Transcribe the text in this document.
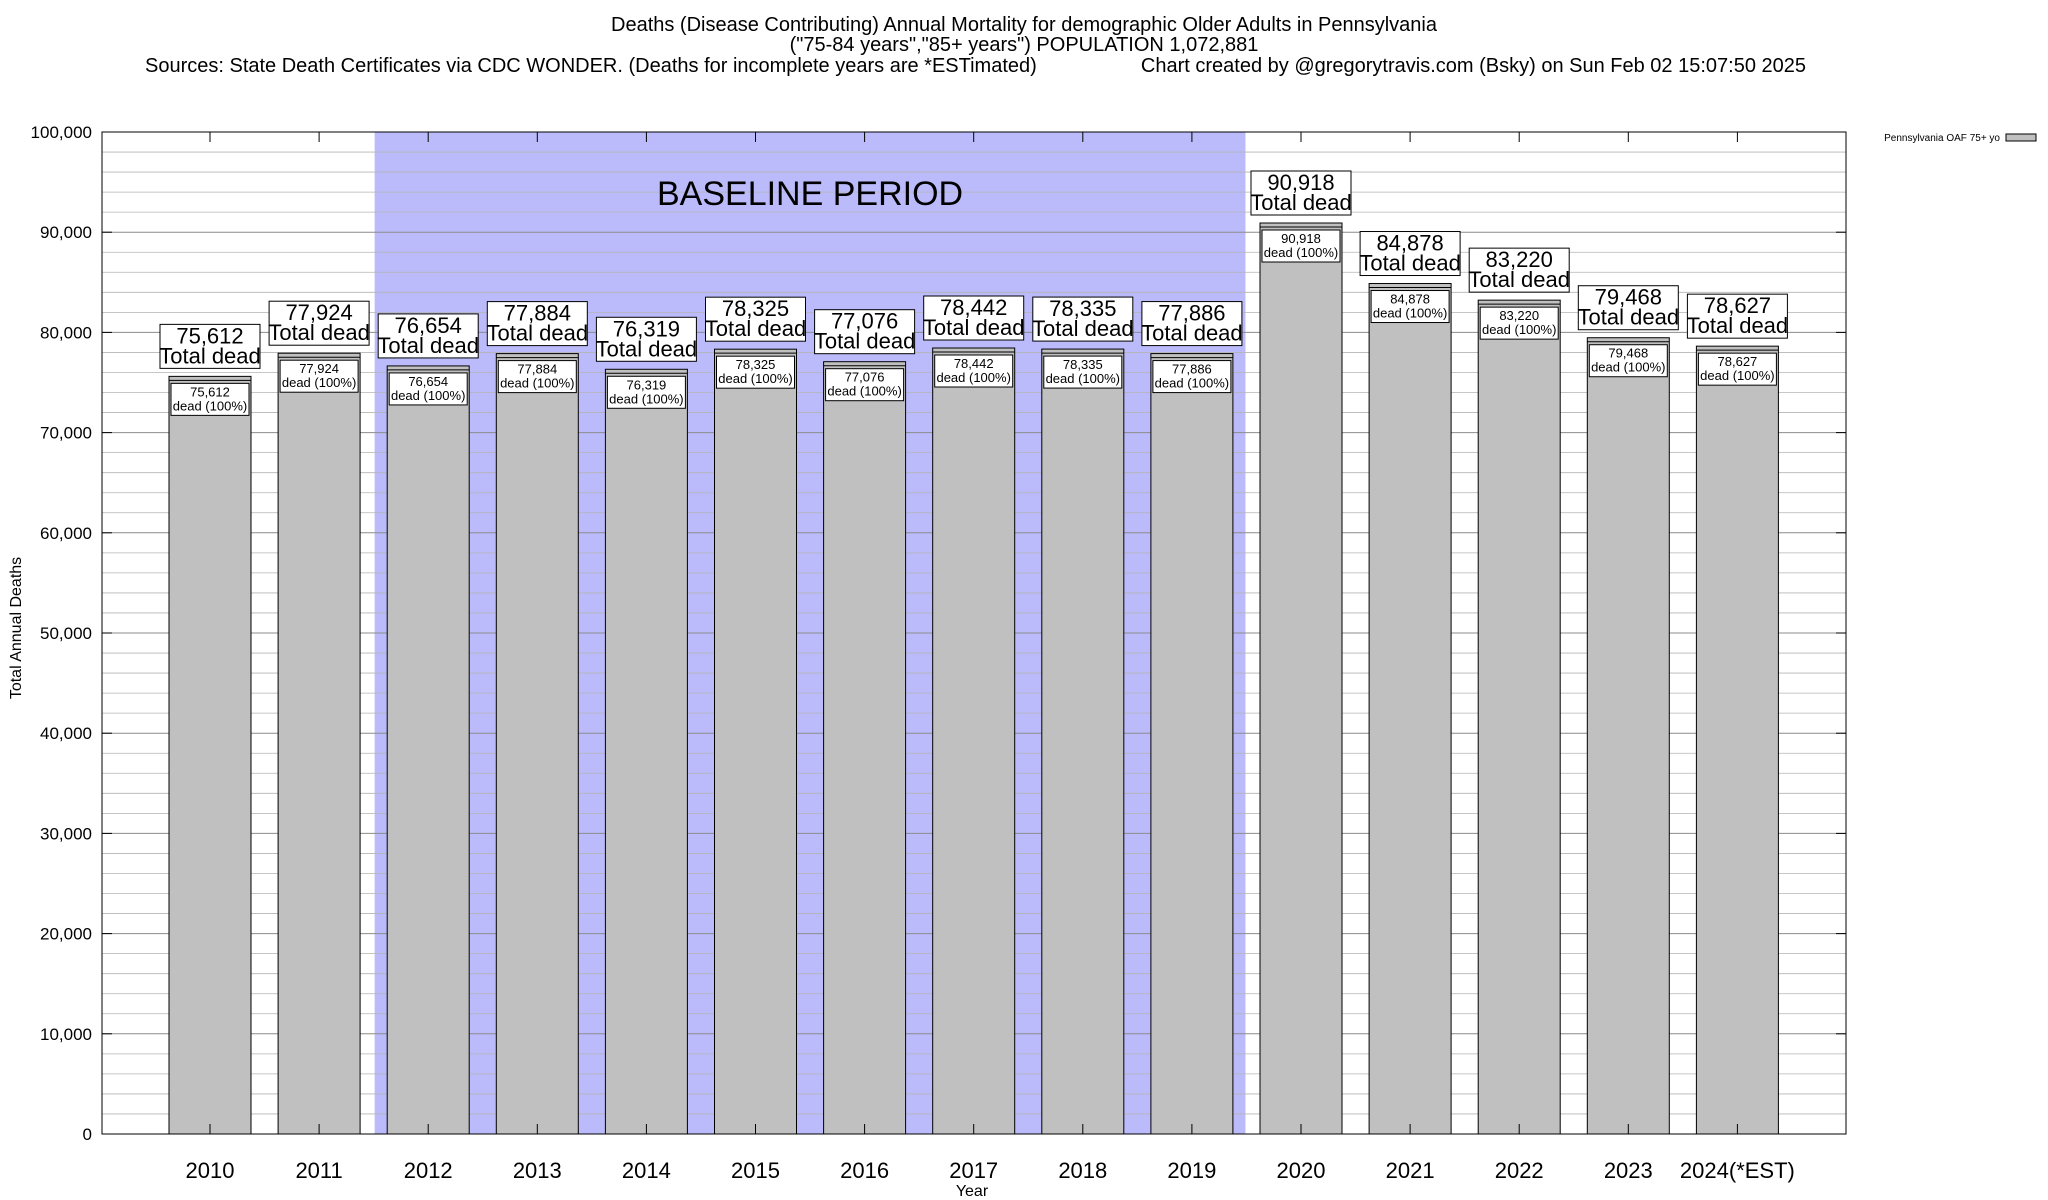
Deaths (Disease Contributing) Annual Mortality for demographic Older Adults in Pennsylvania
("75-84 years","85+ years") POPULATION 1,072,881
Sources: State Death Certificates via CDC WONDER. (Deaths for incomplete years are *ESTimated)	Chart created by @gregorytravis.com (Bsky) on Sun Feb 02 15:07:50 2025
BASELINE PERIOD
75,612
dead (100%)
75,612
Total dead
77,924
dead (100%)
77,924
Total dead
76,654
dead (100%)
76,654
Total dead
77,884
dead (100%)
77,884
Total dead
76,319
dead (100%)
76,319
Total dead
78,325
dead (100%)
78,325
Total dead
77,076
dead (100%)
77,076
Total dead
78,442
dead (100%)
78,442
Total dead
78,335
dead (100%)
78,335
Total dead
77,886
dead (100%)
77,886
Total dead
90,918
dead (100%)
90,918
Total dead
84,878
dead (100%)
84,878
Total dead
83,220
dead (100%)
83,220
Total dead
79,468
dead (100%)
79,468
Total dead
78,627
dead (100%)
78,627
Total dead
0
10,000
20,000
30,000
40,000
50,000
60,000
70,000
80,000
90,000
100,000
2010	2011	2012	2013	2014	2015	2016	2017	2018	2019	2020	2021	2022	2023 2024(*EST)
Year
Total Annual Deaths
Pennsylvania OAF 75+ yo
